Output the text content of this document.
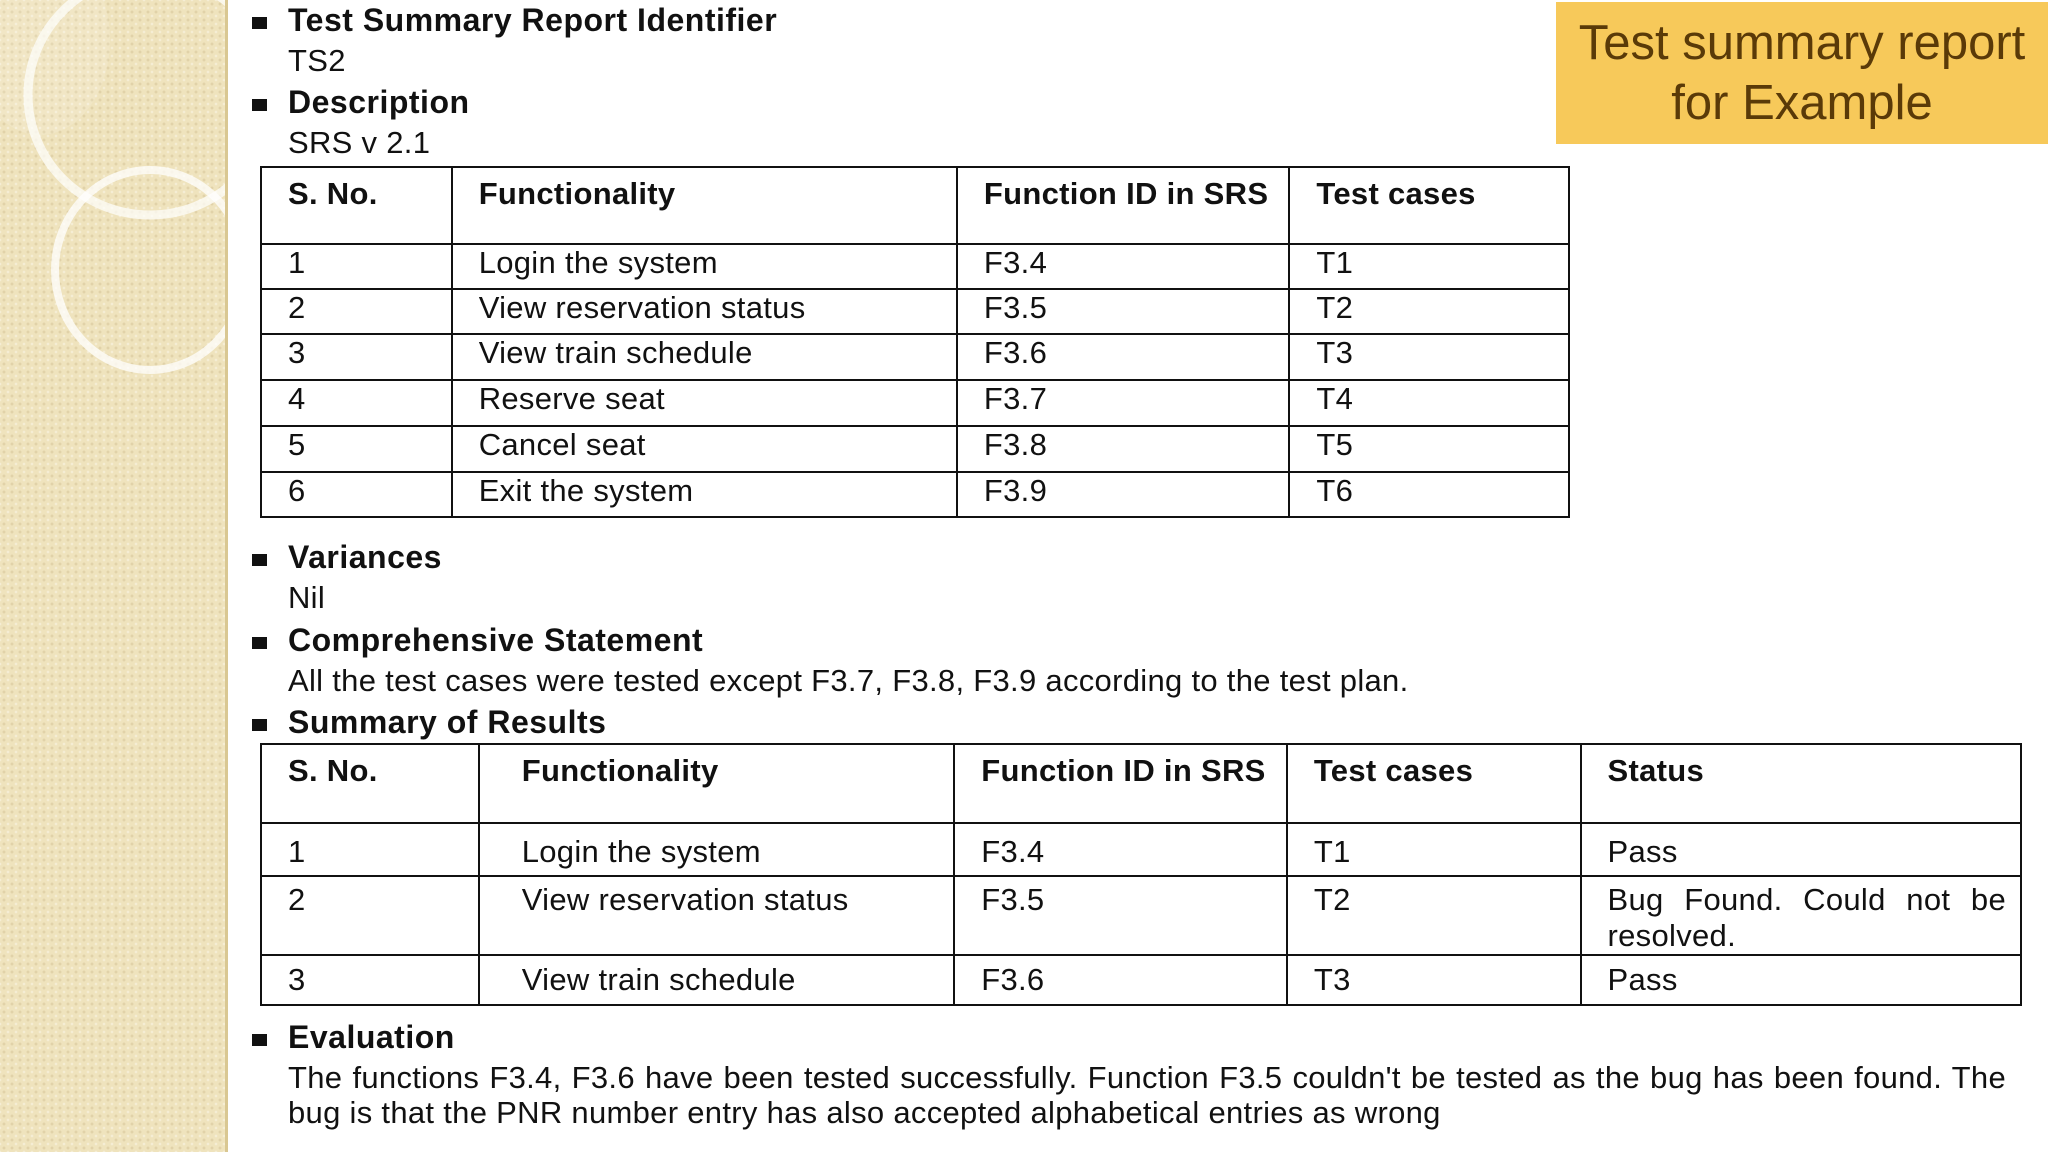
Test summary report
for Example
Test Summary Report Identifier
TS2
Description
SRS v 2.1
S. No.	Functionality	Function ID in SRS	Test cases
1	Login the system	F3.4	T1
2	View reservation status	F3.5	T2
3	View train schedule	F3.6	T3
4	Reserve seat	F3.7	T4
5	Cancel seat	F3.8	T5
6	Exit the system	F3.9	T6
Variances
Nil
Comprehensive Statement
All the test cases were tested except F3.7, F3.8, F3.9 according to the test plan.
Summary of Results
S. No.	Functionality	Function ID in SRS	Test cases	Status
1	Login the system	F3.4	T1	Pass
2	View reservation status	F3.5	T2	Bug Found. Could not be resolved.
3	View train schedule	F3.6	T3	Pass
Evaluation
The functions F3.4, F3.6 have been tested successfully. Function F3.5 couldn't be tested as the bug has been found. The bug is that the PNR number entry has also accepted alphabetical entries as wrong
